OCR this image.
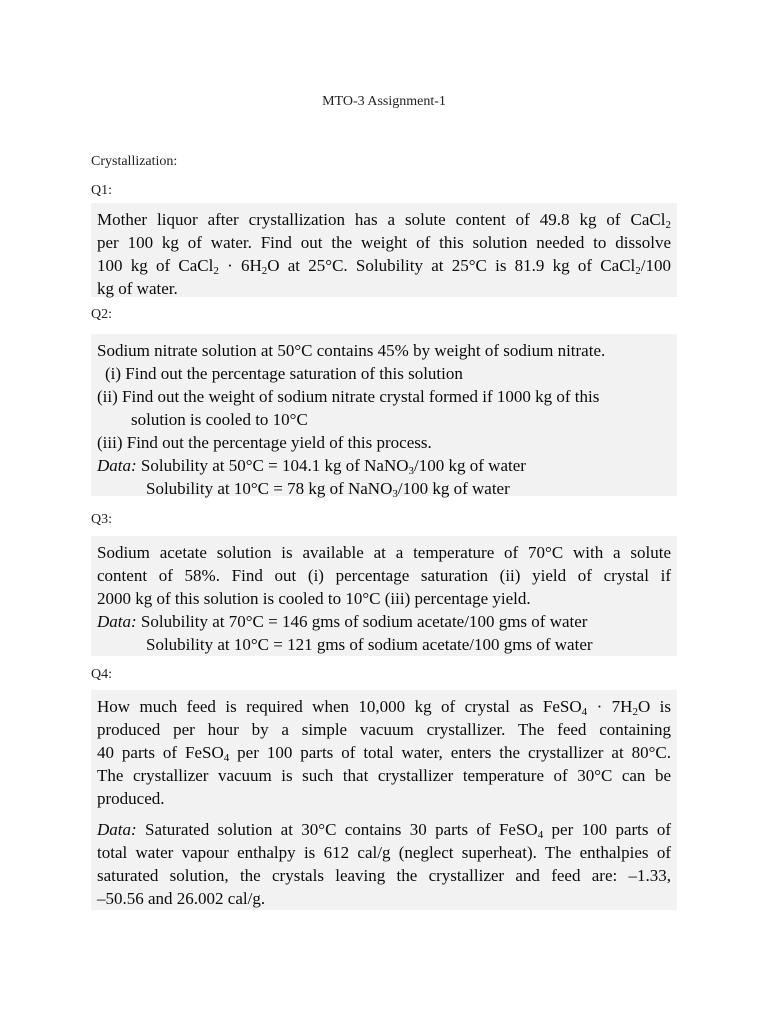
MTO-3 Assignment-1
Crystallization:
Q1:

Mother liquor after crystallization has a solute content of 49.8 kg of CaCl$_2$

per 100 kg of water. Find out the weight of this solution needed to dissolve

100 kg of CaCl$_2$ · $6H_2O$ at 25°C. Solubility at 25°C is 81.9 kg of CaCl$_2$/100

kg of water.

Q2:

Sodium nitrate solution at 50°C contains 45% by weight of sodium nitrate.

(i) Find out the percentage saturation of this solution

(ii) Find out the weight of sodium nitrate crystal formed if 1000 kg of this

solution is cooled to 10°C

(iii) Find out the percentage yield of this process.

Data: Solubility at 50°C = 104.1 kg of NaNO$_3$/100 kg of water

Solubility at 10°C = 78 kg of NaNO$_3$/100 kg of water

Q3:

Sodium acetate solution is available at a temperature of 70°C with a solute

content of 58%. Find out (i) percentage saturation (ii) yield of crystal if

2000 kg of this solution is cooled to 10°C (iii) percentage yield.

Data: Solubility at 70°C = 146 gms of sodium acetate/100 gms of water

Solubility at 10°C = 121 gms of sodium acetate/100 gms of water

Q4:

How much feed is required when 10,000 kg of crystal as FeSO$_4$ · $7H_2O$ is

produced per hour by a simple vacuum crystallizer. The feed containing

40 parts of FeSO$_4$ per 100 parts of total water, enters the crystallizer at 80°C.

The crystallizer vacuum is such that crystallizer temperature of 30°C can be

produced.

Data: Saturated solution at 30°C contains 30 parts of FeSO$_4$ per 100 parts of

total water vapour enthalpy is 612 cal/g (neglect superheat). The enthalpies of

saturated solution, the crystals leaving the crystallizer and feed are: –1.33,

–50.56 and 26.002 cal/g.
